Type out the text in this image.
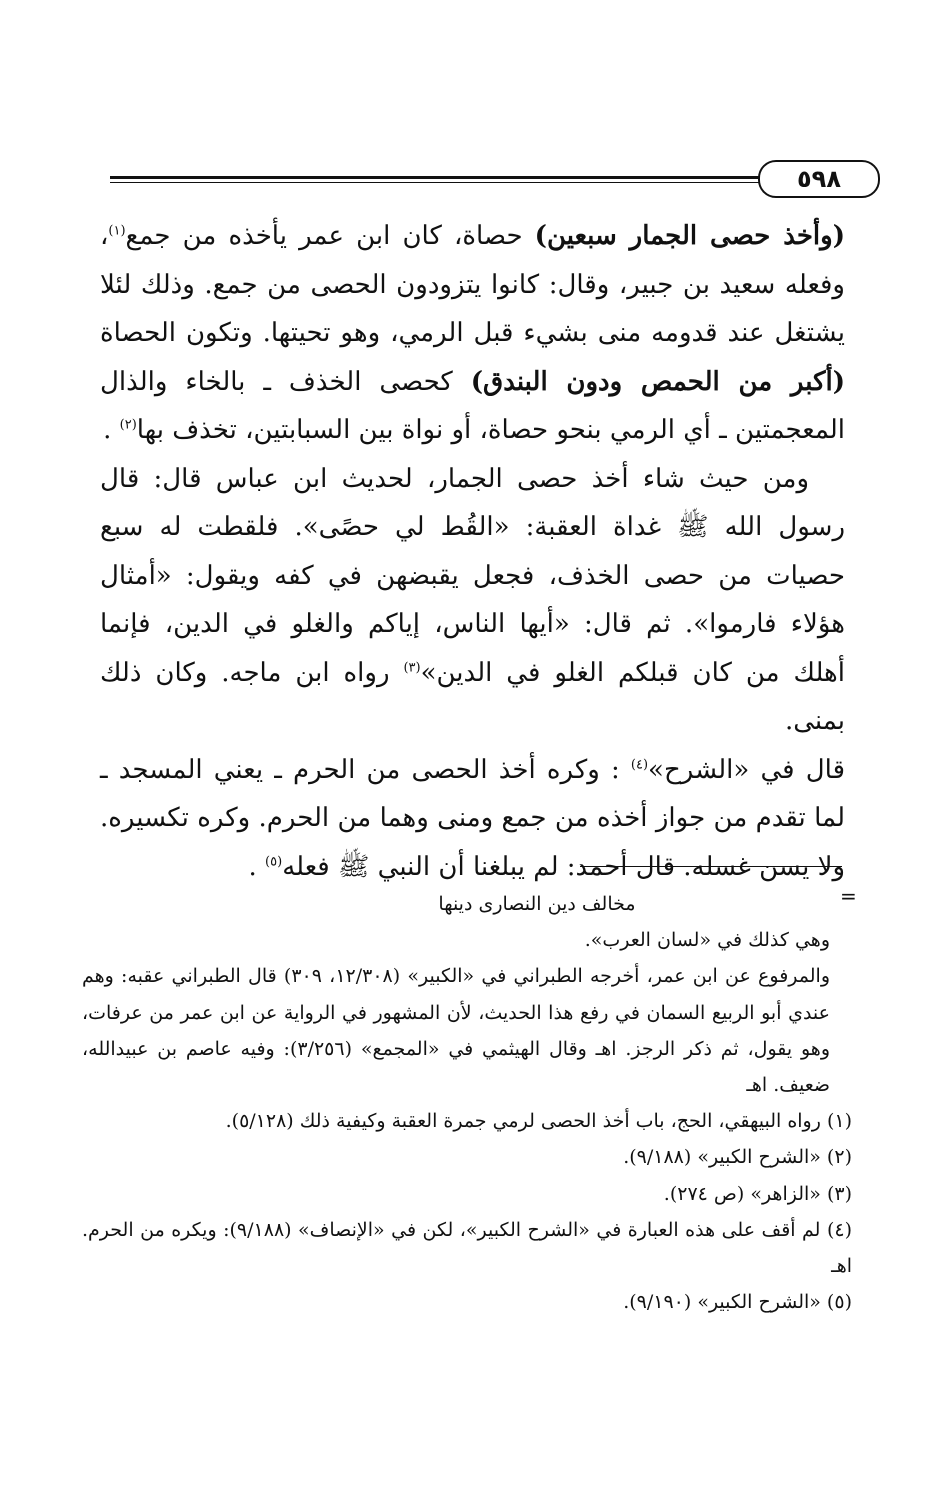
٥٩٨

(وأخذ حصى الجمار سبعين) حصاة، كان ابن عمر يأخذه من جمع$^{(١)}$، وفعله سعيد بن جبير، وقال: كانوا يتزودون الحصى من جمع. وذلك لئلا يشتغل عند قدومه منى بشيء قبل الرمي، وهو تحيتها. وتكون الحصاة (أكبر من الحمص ودون البندق) كحصى الخذف ـ بالخاء والذال المعجمتين ـ أي الرمي بنحو حصاة، أو نواة بين السبابتين، تخذف بها$^{(٢)}$ .

ومن حيث شاء أخذ حصى الجمار، لحديث ابن عباس قال: قال رسول الله ﷺ غداة العقبة: «القُط لي حصًى». فلقطت له سبع حصيات من حصى الخذف، فجعل يقبضهن في كفه ويقول: «أمثال هؤلاء فارموا». ثم قال: «أيها الناس، إياكم والغلو في الدين، فإنما أهلك من كان قبلكم الغلو في الدين»$^{(٣)}$ رواه ابن ماجه. وكان ذلك بمنى.

قال في «الشرح»$^{(٤)}$ : وكره أخذ الحصى من الحرم ـ يعني المسجد ـ لما تقدم من جواز أخذه من جمع ومنى وهما من الحرم. وكره تكسيره. ولا يسن غسله. قال أحمد: لم يبلغنا أن النبي ﷺ فعله$^{(٥)}$ .

=

مخالف دين النصارى دينها

وهي كذلك في «لسان العرب».

والمرفوع عن ابن عمر، أخرجه الطبراني في «الكبير» (١٢/٣٠٨، ٣٠٩) قال الطبراني عقبه: وهم عندي أبو الربيع السمان في رفع هذا الحديث، لأن المشهور في الرواية عن ابن عمر من عرفات، وهو يقول، ثم ذكر الرجز. اهـ وقال الهيثمي في «المجمع» (٣/٢٥٦): وفيه عاصم بن عبيدالله، ضعيف. اهـ

(١) رواه البيهقي، الحج، باب أخذ الحصى لرمي جمرة العقبة وكيفية ذلك (٥/١٢٨).

(٢) «الشرح الكبير» (٩/١٨٨).

(٣) «الزاهر» (ص ٢٧٤).

(٤) لم أقف على هذه العبارة في «الشرح الكبير»، لكن في «الإنصاف» (٩/١٨٨): ويكره من الحرم. اهـ

(٥) «الشرح الكبير» (٩/١٩٠).
